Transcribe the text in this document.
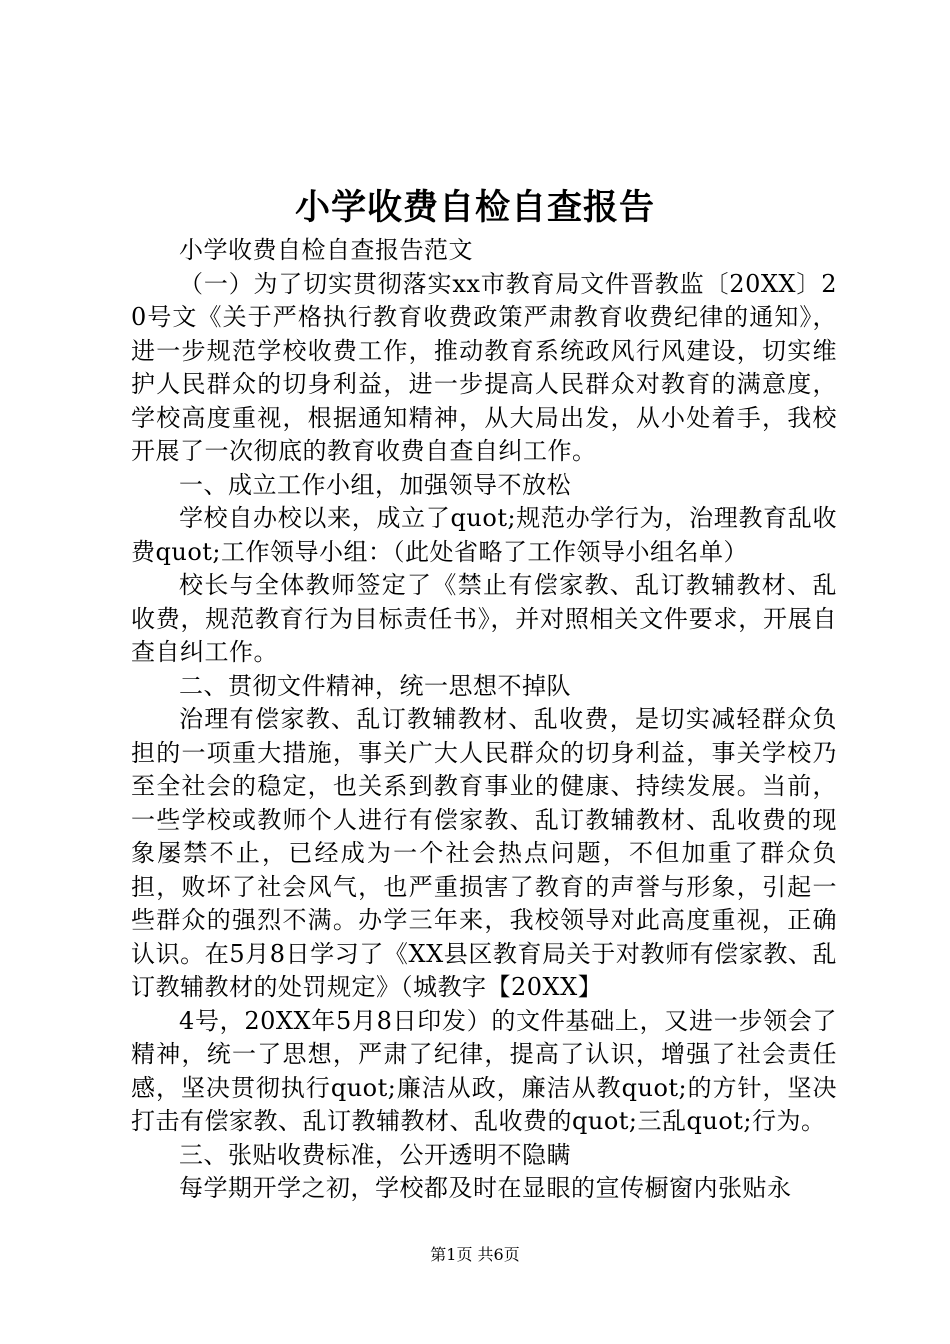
小学收费自检自查报告

小学收费自检自查报告范文

（一）为了切实贯彻落实xx市教育局文件晋教监〔20XX〕20号文《关于严格执行教育收费政策严肃教育收费纪律的通知》，进一步规范学校收费工作，推动教育系统政风行风建设，切实维护人民群众的切身利益，进一步提高人民群众对教育的满意度，学校高度重视，根据通知精神，从大局出发，从小处着手，我校开展了一次彻底的教育收费自查自纠工作。

一、成立工作小组，加强领导不放松

学校自办校以来，成立了quot;规范办学行为，治理教育乱收费quot;工作领导小组：（此处省略了工作领导小组名单）

校长与全体教师签定了《禁止有偿家教、乱订教辅教材、乱收费，规范教育行为目标责任书》，并对照相关文件要求，开展自查自纠工作。

二、贯彻文件精神，统一思想不掉队

治理有偿家教、乱订教辅教材、乱收费，是切实减轻群众负担的一项重大措施，事关广大人民群众的切身利益，事关学校乃至全社会的稳定，也关系到教育事业的健康、持续发展。当前，一些学校或教师个人进行有偿家教、乱订教辅教材、乱收费的现象屡禁不止，已经成为一个社会热点问题，不但加重了群众负担，败坏了社会风气，也严重损害了教育的声誉与形象，引起一些群众的强烈不满。办学三年来，我校领导对此高度重视，正确认识。在5月8日学习了《XX县区教育局关于对教师有偿家教、乱订教辅教材的处罚规定》（城教字【20XX】

4号，20XX年5月8日印发）的文件基础上，又进一步领会了精神，统一了思想，严肃了纪律，提高了认识，增强了社会责任感，坚决贯彻执行quot;廉洁从政，廉洁从教quot;的方针，坚决打击有偿家教、乱订教辅教材、乱收费的quot;三乱quot;行为。

三、张贴收费标准，公开透明不隐瞒

每学期开学之初，学校都及时在显眼的宣传橱窗内张贴永

第1页 共6页
